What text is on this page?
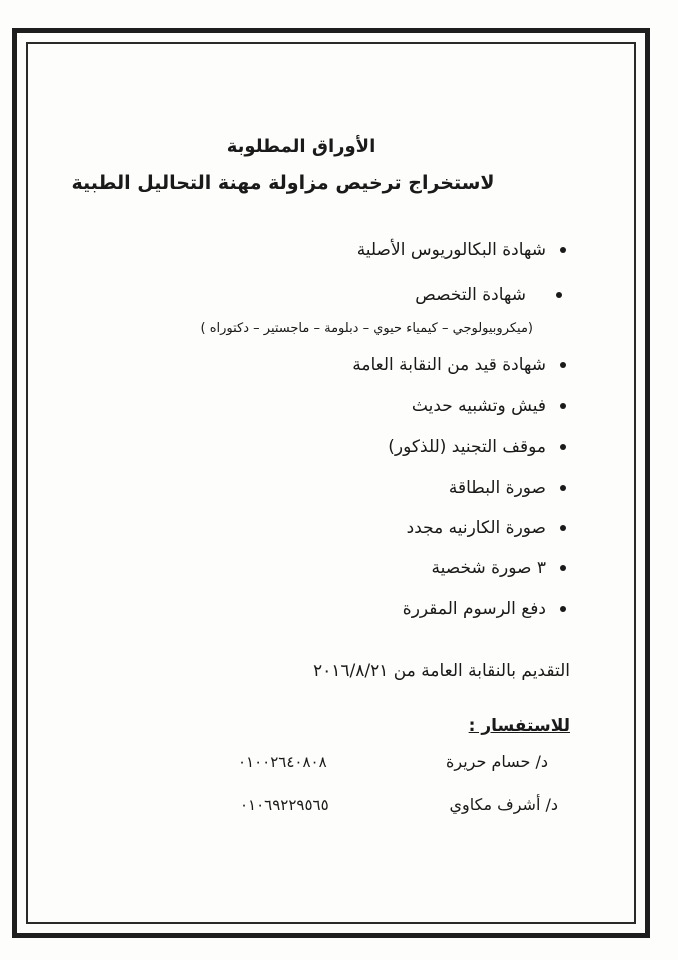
الأوراق المطلوبة
لاستخراج ترخيص مزاولة مهنة التحاليل الطبية
شهادة البكالوريوس الأصلية
شهادة التخصص
(ميكروبيولوجي – كيمياء حيوي – دبلومة – ماجستير – دكتوراه )
شهادة قيد من النقابة العامة
فيش وتشبيه حديث
موقف التجنيد (للذكور)
صورة البطاقة
صورة الكارنيه مجدد
٣ صورة شخصية
دفع الرسوم المقررة
التقديم بالنقابة العامة من ٢٠١٦/٨/٢١
للاستفسار :
د/ حسام حريرة
٠١٠٠٢٦٤٠٨٠٨
د/ أشرف مكاوي
٠١٠٦٩٢٢٩٥٦٥
